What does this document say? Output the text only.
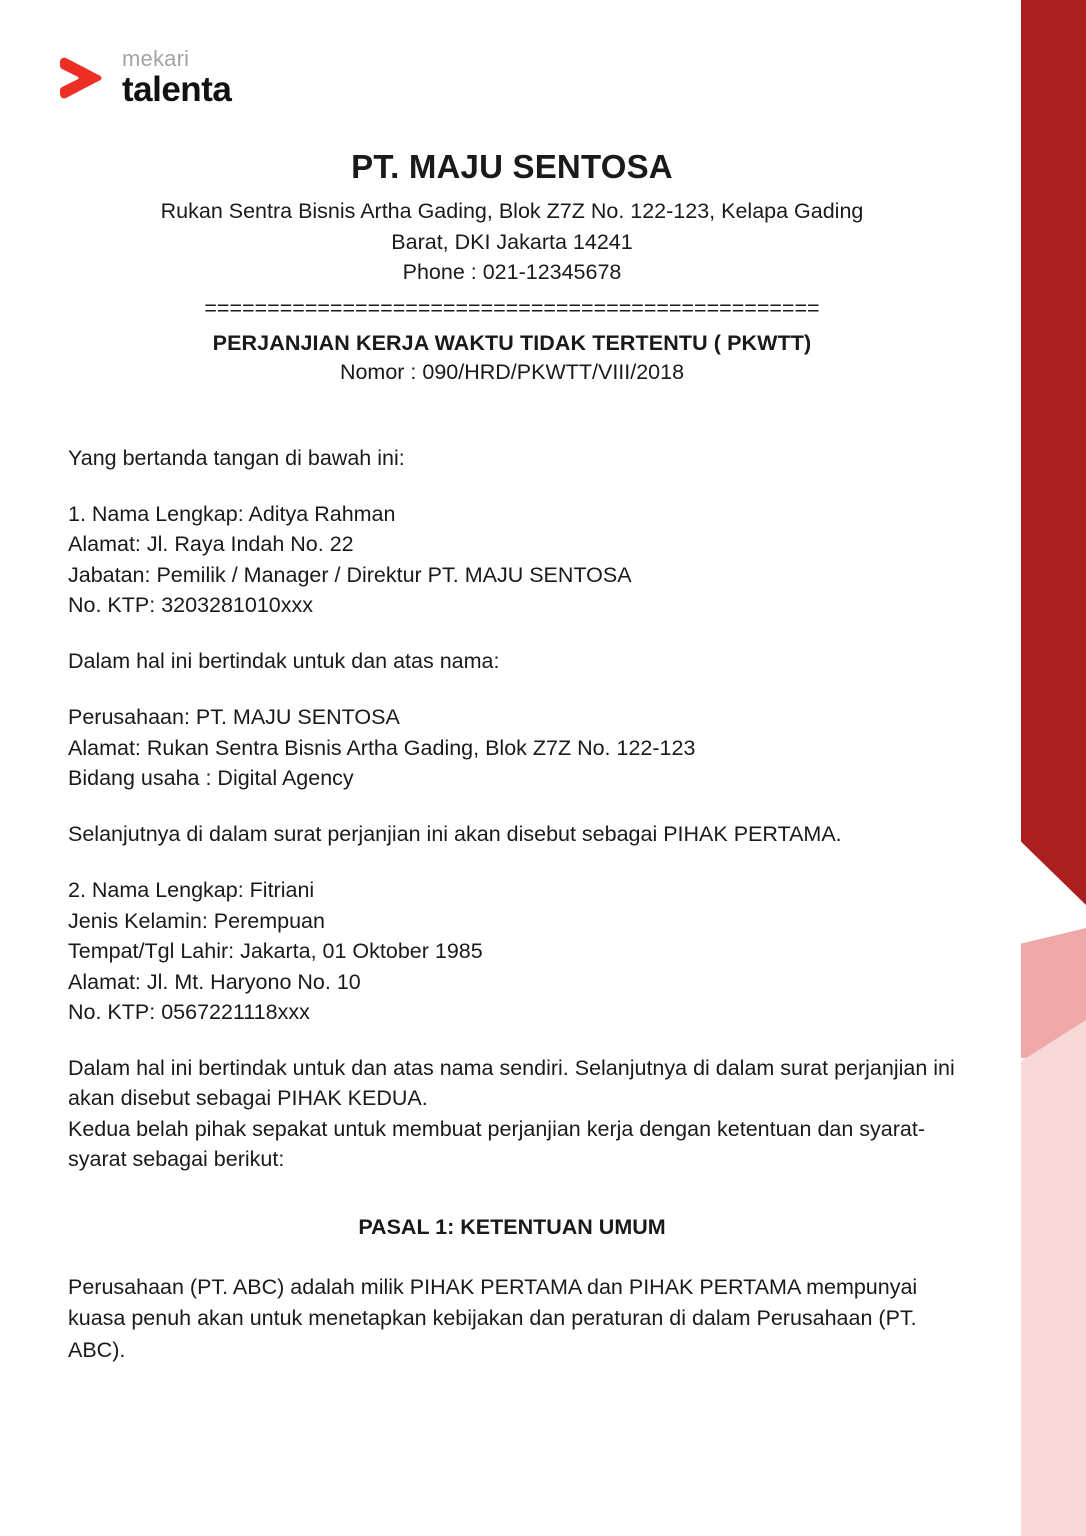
mekari
talenta
PT. MAJU SENTOSA

Rukan Sentra Bisnis Artha Gading, Blok Z7Z No. 122-123, Kelapa Gading Barat, DKI Jakarta 14241

Phone : 021-12345678

=================================================
PERJANJIAN KERJA WAKTU TIDAK TERTENTU ( PKWTT)

Nomor : 090/HRD/PKWTT/VIII/2018

Yang bertanda tangan di bawah ini:

1. Nama Lengkap: Aditya Rahman

Alamat: Jl. Raya Indah No. 22

Jabatan: Pemilik / Manager / Direktur PT. MAJU SENTOSA

No. KTP: 3203281010xxx

Dalam hal ini bertindak untuk dan atas nama:

Perusahaan: PT. MAJU SENTOSA

Alamat: Rukan Sentra Bisnis Artha Gading, Blok Z7Z No. 122-123

Bidang usaha : Digital Agency

Selanjutnya di dalam surat perjanjian ini akan disebut sebagai PIHAK PERTAMA.

2. Nama Lengkap: Fitriani

Jenis Kelamin: Perempuan

Tempat/Tgl Lahir: Jakarta, 01 Oktober 1985

Alamat: Jl. Mt. Haryono No. 10

No. KTP: 0567221118xxx

Dalam hal ini bertindak untuk dan atas nama sendiri. Selanjutnya di dalam surat perjanjian ini akan disebut sebagai PIHAK KEDUA.

Kedua belah pihak sepakat untuk membuat perjanjian kerja dengan ketentuan dan syarat-syarat sebagai berikut:

PASAL 1: KETENTUAN UMUM

Perusahaan (PT. ABC) adalah milik PIHAK PERTAMA dan PIHAK PERTAMA mempunyai kuasa penuh akan untuk menetapkan kebijakan dan peraturan di dalam Perusahaan (PT. ABC).
